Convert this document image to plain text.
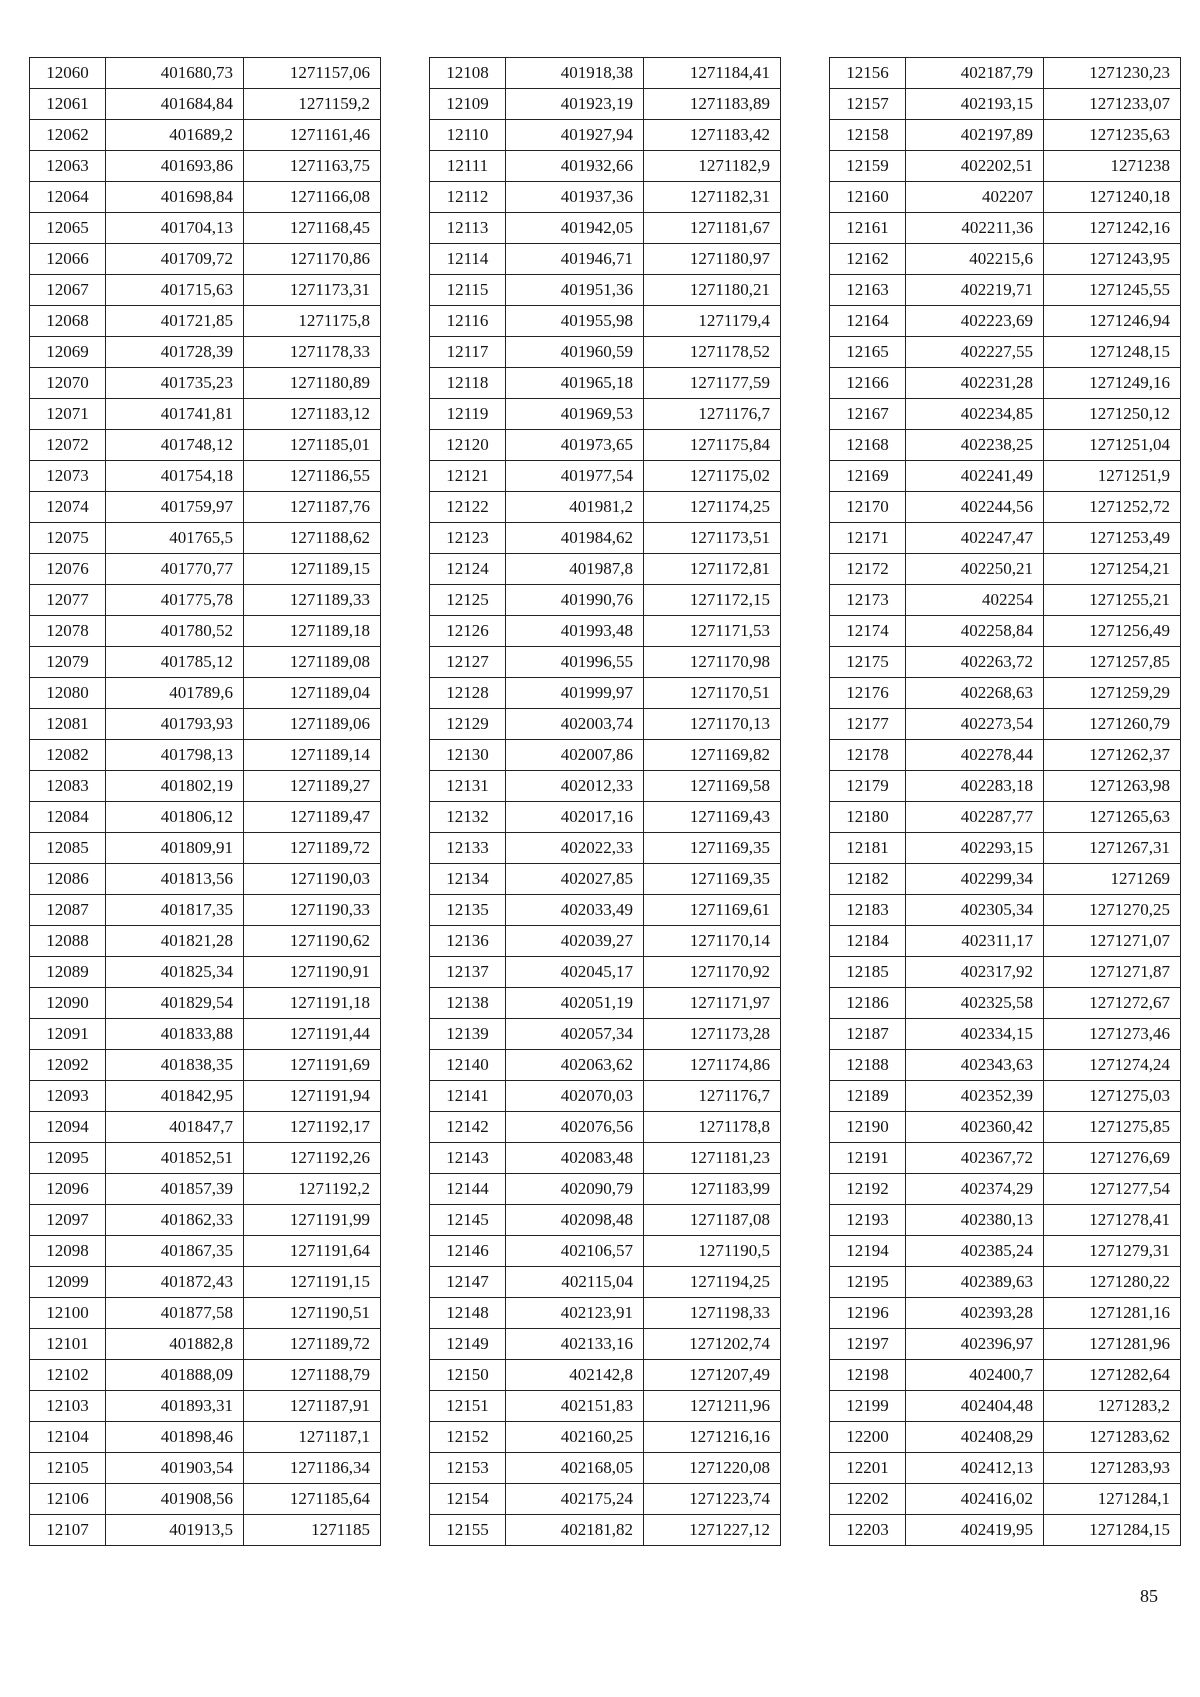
12060	401680,73	1271157,06
12061	401684,84	1271159,2
12062	401689,2	1271161,46
12063	401693,86	1271163,75
12064	401698,84	1271166,08
12065	401704,13	1271168,45
12066	401709,72	1271170,86
12067	401715,63	1271173,31
12068	401721,85	1271175,8
12069	401728,39	1271178,33
12070	401735,23	1271180,89
12071	401741,81	1271183,12
12072	401748,12	1271185,01
12073	401754,18	1271186,55
12074	401759,97	1271187,76
12075	401765,5	1271188,62
12076	401770,77	1271189,15
12077	401775,78	1271189,33
12078	401780,52	1271189,18
12079	401785,12	1271189,08
12080	401789,6	1271189,04
12081	401793,93	1271189,06
12082	401798,13	1271189,14
12083	401802,19	1271189,27
12084	401806,12	1271189,47
12085	401809,91	1271189,72
12086	401813,56	1271190,03
12087	401817,35	1271190,33
12088	401821,28	1271190,62
12089	401825,34	1271190,91
12090	401829,54	1271191,18
12091	401833,88	1271191,44
12092	401838,35	1271191,69
12093	401842,95	1271191,94
12094	401847,7	1271192,17
12095	401852,51	1271192,26
12096	401857,39	1271192,2
12097	401862,33	1271191,99
12098	401867,35	1271191,64
12099	401872,43	1271191,15
12100	401877,58	1271190,51
12101	401882,8	1271189,72
12102	401888,09	1271188,79
12103	401893,31	1271187,91
12104	401898,46	1271187,1
12105	401903,54	1271186,34
12106	401908,56	1271185,64
12107	401913,5	1271185
12108	401918,38	1271184,41
12109	401923,19	1271183,89
12110	401927,94	1271183,42
12111	401932,66	1271182,9
12112	401937,36	1271182,31
12113	401942,05	1271181,67
12114	401946,71	1271180,97
12115	401951,36	1271180,21
12116	401955,98	1271179,4
12117	401960,59	1271178,52
12118	401965,18	1271177,59
12119	401969,53	1271176,7
12120	401973,65	1271175,84
12121	401977,54	1271175,02
12122	401981,2	1271174,25
12123	401984,62	1271173,51
12124	401987,8	1271172,81
12125	401990,76	1271172,15
12126	401993,48	1271171,53
12127	401996,55	1271170,98
12128	401999,97	1271170,51
12129	402003,74	1271170,13
12130	402007,86	1271169,82
12131	402012,33	1271169,58
12132	402017,16	1271169,43
12133	402022,33	1271169,35
12134	402027,85	1271169,35
12135	402033,49	1271169,61
12136	402039,27	1271170,14
12137	402045,17	1271170,92
12138	402051,19	1271171,97
12139	402057,34	1271173,28
12140	402063,62	1271174,86
12141	402070,03	1271176,7
12142	402076,56	1271178,8
12143	402083,48	1271181,23
12144	402090,79	1271183,99
12145	402098,48	1271187,08
12146	402106,57	1271190,5
12147	402115,04	1271194,25
12148	402123,91	1271198,33
12149	402133,16	1271202,74
12150	402142,8	1271207,49
12151	402151,83	1271211,96
12152	402160,25	1271216,16
12153	402168,05	1271220,08
12154	402175,24	1271223,74
12155	402181,82	1271227,12
12156	402187,79	1271230,23
12157	402193,15	1271233,07
12158	402197,89	1271235,63
12159	402202,51	1271238
12160	402207	1271240,18
12161	402211,36	1271242,16
12162	402215,6	1271243,95
12163	402219,71	1271245,55
12164	402223,69	1271246,94
12165	402227,55	1271248,15
12166	402231,28	1271249,16
12167	402234,85	1271250,12
12168	402238,25	1271251,04
12169	402241,49	1271251,9
12170	402244,56	1271252,72
12171	402247,47	1271253,49
12172	402250,21	1271254,21
12173	402254	1271255,21
12174	402258,84	1271256,49
12175	402263,72	1271257,85
12176	402268,63	1271259,29
12177	402273,54	1271260,79
12178	402278,44	1271262,37
12179	402283,18	1271263,98
12180	402287,77	1271265,63
12181	402293,15	1271267,31
12182	402299,34	1271269
12183	402305,34	1271270,25
12184	402311,17	1271271,07
12185	402317,92	1271271,87
12186	402325,58	1271272,67
12187	402334,15	1271273,46
12188	402343,63	1271274,24
12189	402352,39	1271275,03
12190	402360,42	1271275,85
12191	402367,72	1271276,69
12192	402374,29	1271277,54
12193	402380,13	1271278,41
12194	402385,24	1271279,31
12195	402389,63	1271280,22
12196	402393,28	1271281,16
12197	402396,97	1271281,96
12198	402400,7	1271282,64
12199	402404,48	1271283,2
12200	402408,29	1271283,62
12201	402412,13	1271283,93
12202	402416,02	1271284,1
12203	402419,95	1271284,15
85
